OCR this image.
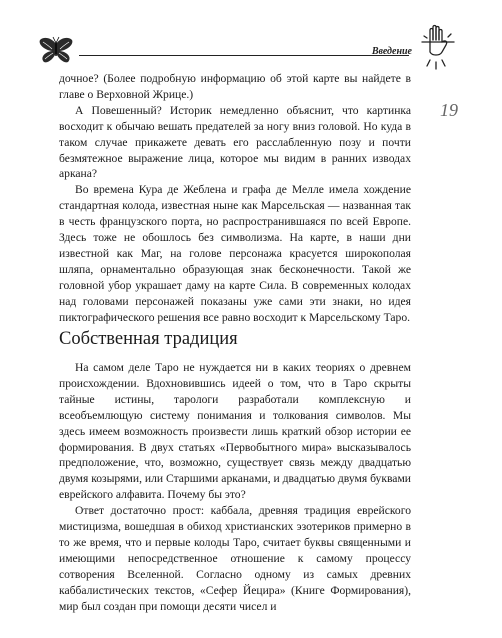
Введение
19

дочное? (Более подробную информацию об этой карте вы найдете в главе о Верховной Жрице.)

А Повешенный? Историк немедленно объяснит, что картинка восходит к обычаю вешать предателей за ногу вниз головой. Но куда в таком случае прикажете девать его расслабленную позу и почти безмятежное выражение лица, которое мы видим в ранних изводах аркана?

Во времена Кура де Жеблена и графа де Мелле имела хождение стандартная колода, известная ныне как Марсельская — названная так в честь французского порта, но распространившаяся по всей Европе. Здесь тоже не обошлось без символизма. На карте, в наши дни известной как Маг, на голове персонажа красуется широкополая шляпа, орнаментально образующая знак бесконечности. Такой же головной убор украшает даму на карте Сила. В современных колодах над головами персонажей показаны уже сами эти знаки, но идея пиктографического решения все равно восходит к Марсельскому Таро.

Собственная традиция

На самом деле Таро не нуждается ни в каких теориях о древнем происхождении. Вдохновившись идеей о том, что в Таро скрыты тайные истины, тарологи разработали комплексную и всеобъемлющую систему понимания и толкования символов. Мы здесь имеем возможность произвести лишь краткий обзор истории ее формирования. В двух статьях «Первобытного мира» высказывалось предположение, что, возможно, существует связь между двадцатью двумя козырями, или Старшими арканами, и двадцатью двумя буквами еврейского алфавита. Почему бы это?

Ответ достаточно прост: каббала, древняя традиция еврейского мистицизма, вошедшая в обиход христианских эзотериков примерно в то же время, что и первые колоды Таро, считает буквы священными и имеющими непосредственное отношение к самому процессу сотворения Вселенной. Согласно одному из самых древних каббалистических текстов, «Сефер Йецира» (Книге Формирования), мир был создан при помощи десяти чисел и
